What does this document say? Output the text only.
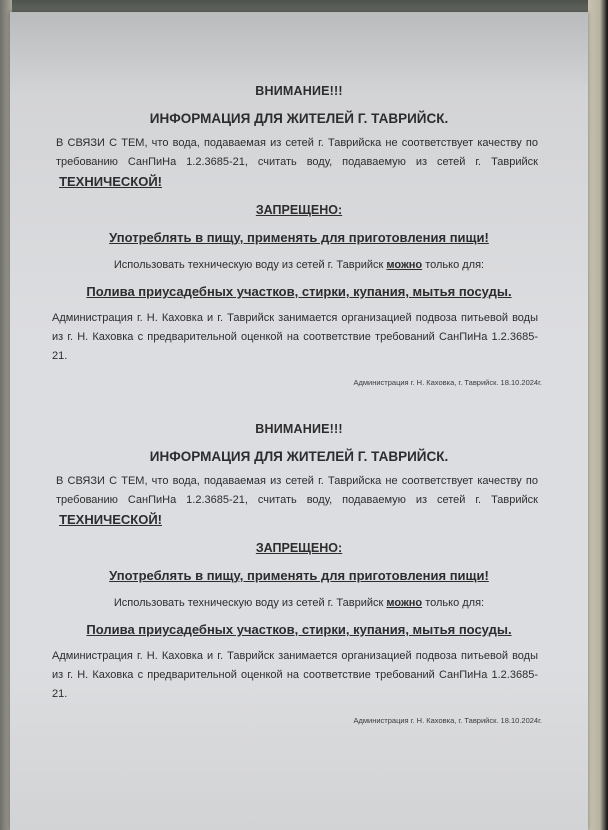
ВНИМАНИЕ!!!
ИНФОРМАЦИЯ ДЛЯ ЖИТЕЛЕЙ Г. ТАВРИЙСК.
В СВЯЗИ С ТЕМ, что вода, подаваемая из сетей г. Таврийска не соответствует качеству по требованию СанПиНа 1.2.3685-21, считать воду, подаваемую из сетей г. Таврийск  ТЕХНИЧЕСКОЙ!
ЗАПРЕЩЕНО:
Употреблять в пищу, применять для приготовления пищи!
Использовать техническую воду из сетей г. Таврийск можно только для:
Полива приусадебных участков, стирки, купания, мытья посуды.
Администрация г. Н. Каховка и г. Таврийск занимается организацией подвоза питьевой воды из г. Н. Каховка с предварительной оценкой на соответствие требований СанПиНа 1.2.3685-21.
Администрация г. Н. Каховка, г. Таврийск. 18.10.2024г.
ВНИМАНИЕ!!!
ИНФОРМАЦИЯ ДЛЯ ЖИТЕЛЕЙ Г. ТАВРИЙСК.
В СВЯЗИ С ТЕМ, что вода, подаваемая из сетей г. Таврийска не соответствует качеству по требованию СанПиНа 1.2.3685-21, считать воду, подаваемую из сетей г. Таврийск  ТЕХНИЧЕСКОЙ!
ЗАПРЕЩЕНО:
Употреблять в пищу, применять для приготовления пищи!
Использовать техническую воду из сетей г. Таврийск можно только для:
Полива приусадебных участков, стирки, купания, мытья посуды.
Администрация г. Н. Каховка и г. Таврийск занимается организацией подвоза питьевой воды из г. Н. Каховка с предварительной оценкой на соответствие требований СанПиНа 1.2.3685-21.
Администрация г. Н. Каховка, г. Таврийск. 18.10.2024г.
